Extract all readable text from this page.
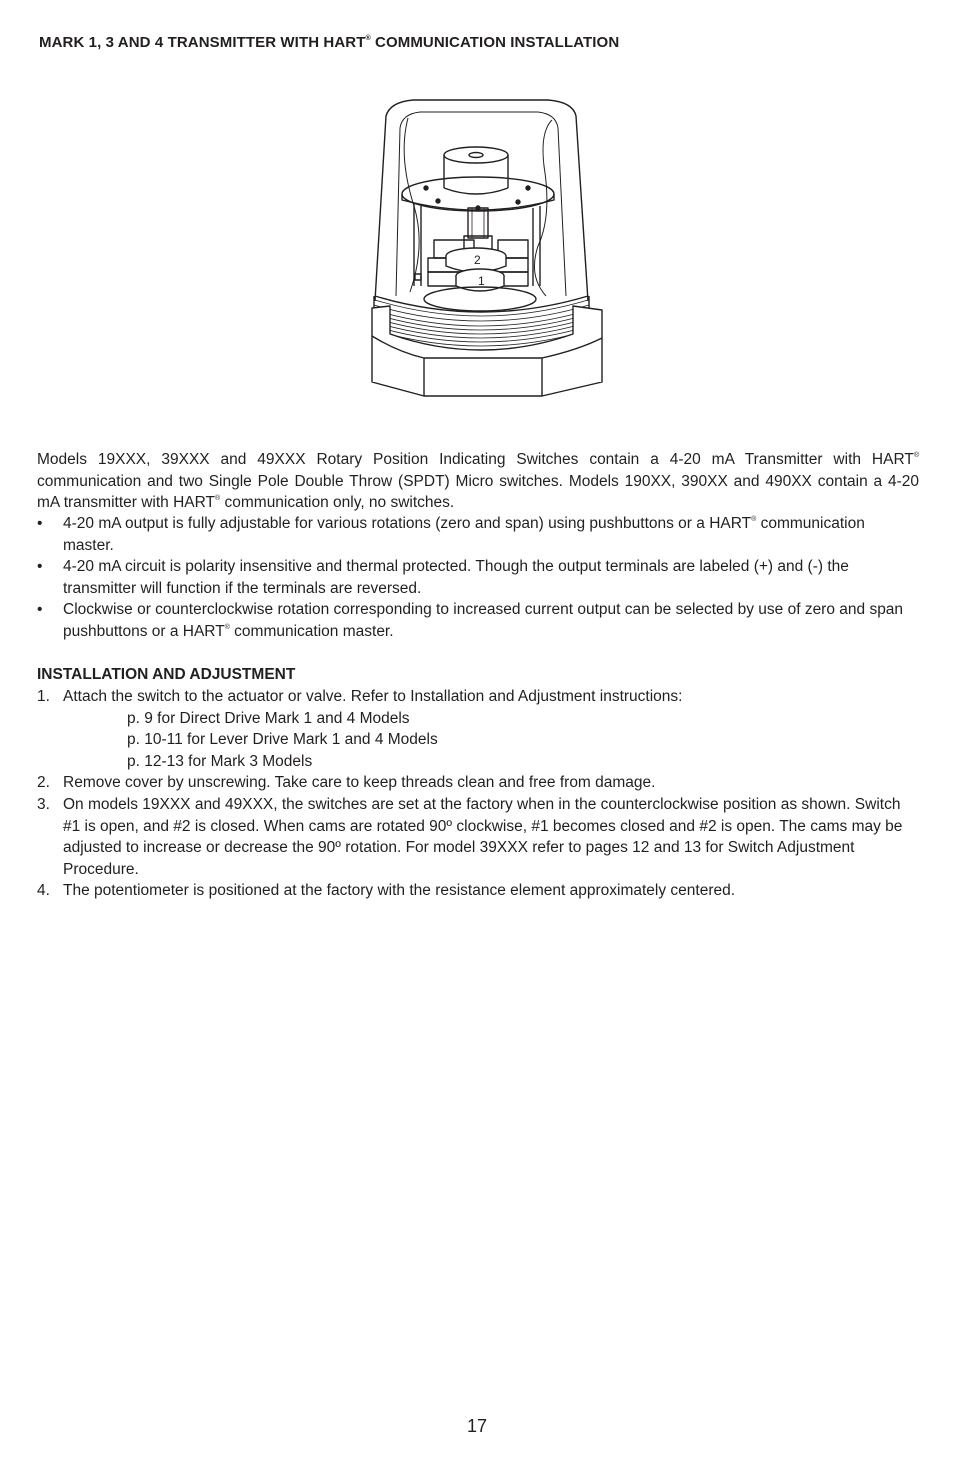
MARK 1, 3 AND 4 TRANSMITTER WITH HART® COMMUNICATION INSTALLATION
2
1
Models 19XXX, 39XXX and 49XXX Rotary Position Indicating Switches contain a 4-20 mA Transmitter with HART® communication and two Single Pole Double Throw (SPDT) Micro switches. Models 190XX, 390XX and 490XX contain a 4-20 mA transmitter with HART® communication only, no switches.
• 4-20 mA output is fully adjustable for various rotations (zero and span) using pushbuttons or a HART® communication master.
• 4-20 mA circuit is polarity insensitive and thermal protected. Though the output terminals are labeled (+) and (-) the transmitter will function if the terminals are reversed.
• Clockwise or counterclockwise rotation corresponding to increased current output can be selected by use of zero and span pushbuttons or a HART® communication master.
INSTALLATION AND ADJUSTMENT
1. Attach the switch to the actuator or valve. Refer to Installation and Adjustment instructions:
p. 9 for Direct Drive Mark 1 and 4 Models
p. 10-11 for Lever Drive Mark 1 and 4 Models
p. 12-13 for Mark 3 Models
2. Remove cover by unscrewing. Take care to keep threads clean and free from damage.
3. On models 19XXX and 49XXX, the switches are set at the factory when in the counterclockwise position as shown. Switch #1 is open, and #2 is closed. When cams are rotated 90º clockwise, #1 becomes closed and #2 is open. The cams may be adjusted to increase or decrease the 90º rotation. For model 39XXX refer to pages 12 and 13 for Switch Adjustment Procedure.
4. The potentiometer is positioned at the factory with the resistance element approximately centered.
17
